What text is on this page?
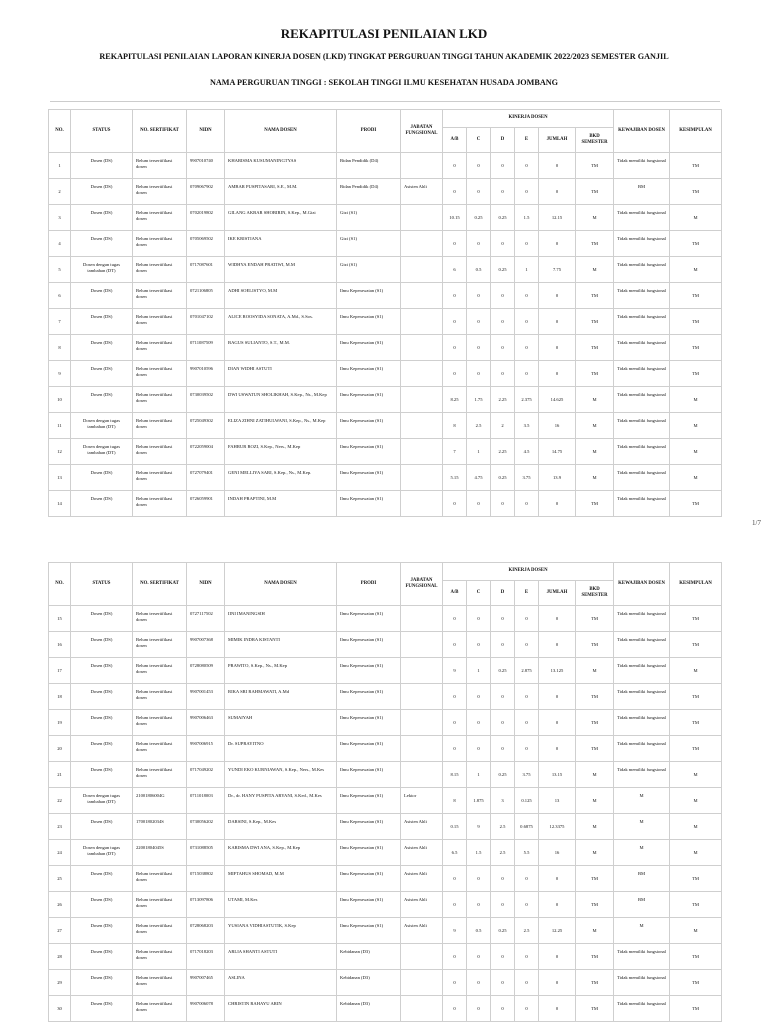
REKAPITULASI PENILAIAN LKD
REKAPITULASI PENILAIAN LAPORAN KINERJA DOSEN (LKD) TINGKAT PERGURUAN TINGGI TAHUN AKADEMIK 2022/2023 SEMESTER GANJIL
NAMA PERGURUAN TINGGI : SEKOLAH TINGGI ILMU KESEHATAN HUSADA JOMBANG
NO.	STATUS	NO. SERTIFIKAT	NIDN	NAMA DOSEN	PRODI	JABATAN FUNGSIONAL	KINERJA DOSEN						KEWAJIBAN DOSEN	KESIMPULAN
							A/B	C	D	E	JUMLAH	BKD SEMESTER		
1	Dosen (DS)	Belum tersertifikasi dosen	9907010740	KHARISMA KUSUMANINGTYAS	Bidan Pendidik (D4)		0	0	0	0	0	TM	Tidak memiliki fungsional	TM
2	Dosen (DS)	Belum tersertifikasi dosen	0709067902	AMBAR PUSPITASARI, S.E., M.M.	Bidan Pendidik (D4)	Asisten Ahli	0	0	0	0	0	TM	BM	TM
3	Dosen (DS)	Belum tersertifikasi dosen	0702019802	GILANG AKBAR SHOBIRIN, S.Kep., M.Gizi	Gizi (S1)		10.15	0.25	0.25	1.5	12.15	M	Tidak memiliki fungsional	M
4	Dosen (DS)	Belum tersertifikasi dosen	0705069502	IKE KRISTIANA	Gizi (S1)		0	0	0	0	0	TM	Tidak memiliki fungsional	TM
5	Dosen dengan tugas tambahan (DT)	Belum tersertifikasi dosen	0717087601	WIDHYA ENDAH PRATIWI, M.M	Gizi (S1)		6	0.5	0.25	1	7.75	M	Tidak memiliki fungsional	M
6	Dosen (DS)	Belum tersertifikasi dosen	0721106805	ADHI SOELISTYO, M.M	Ilmu Keperawatan (S1)		0	0	0	0	0	TM	Tidak memiliki fungsional	TM
7	Dosen (DS)	Belum tersertifikasi dosen	0701047102	ALICE ROOSYIDA SONATA, A.Md., S.Sos.	Ilmu Keperawatan (S1)		0	0	0	0	0	TM	Tidak memiliki fungsional	TM
8	Dosen (DS)	Belum tersertifikasi dosen	0711087509	BAGUS SULIANTO, S.T., M.M.	Ilmu Keperawatan (S1)		0	0	0	0	0	TM	Tidak memiliki fungsional	TM
9	Dosen (DS)	Belum tersertifikasi dosen	9907010596	DIAN WIDHI ASTUTI	Ilmu Keperawatan (S1)		0	0	0	0	0	TM	Tidak memiliki fungsional	TM
10	Dosen (DS)	Belum tersertifikasi dosen	0730039502	DWI USWATUN SHOLIKHAH, S.Kep., Ns., M.Kep	Ilmu Keperawatan (S1)		8.25	1.75	2.25	2.375	14.625	M	Tidak memiliki fungsional	M
11	Dosen dengan tugas tambahan (DT)	Belum tersertifikasi dosen	0725049302	ELIZA ZIHNI ZATIHULWANI, S.Kep., Ns., M.Kep	Ilmu Keperawatan (S1)		8	2.5	2	3.5	16	M	Tidak memiliki fungsional	M
12	Dosen dengan tugas tambahan (DT)	Belum tersertifikasi dosen	0722059004	FAHRUR ROZI, S.Kep., Ners., M.Kep	Ilmu Keperawatan (S1)		7	1	2.25	4.5	14.75	M	Tidak memiliki fungsional	M
13	Dosen (DS)	Belum tersertifikasi dosen	0727079401	GENI MELLIYA SARI, S.Kep., Ns., M.Kep.	Ilmu Keperawatan (S1)		5.15	4.75	0.25	3.75	13.9	M	Tidak memiliki fungsional	M
14	Dosen (DS)	Belum tersertifikasi dosen	0726059901	INDAH PRAPTINI, M.M	Ilmu Keperawatan (S1)		0	0	0	0	0	TM	Tidak memiliki fungsional	TM
1/7
NO.	STATUS	NO. SERTIFIKAT	NIDN	NAMA DOSEN	PRODI	JABATAN FUNGSIONAL	KINERJA DOSEN						KEWAJIBAN DOSEN	KESIMPULAN
							A/B	C	D	E	JUMLAH	BKD SEMESTER		
15	Dosen (DS)	Belum tersertifikasi dosen	0727117502	IINI IMANINGSIH	Ilmu Keperawatan (S1)		0	0	0	0	0	TM	Tidak memiliki fungsional	TM
16	Dosen (DS)	Belum tersertifikasi dosen	9907007368	MIMIK INDRA KISTANTI	Ilmu Keperawatan (S1)		0	0	0	0	0	TM	Tidak memiliki fungsional	TM
17	Dosen (DS)	Belum tersertifikasi dosen	0728080509	PRAWITO, S.Kep., Ns., M.Kep	Ilmu Keperawatan (S1)		9	1	0.25	2.875	13.125	M	Tidak memiliki fungsional	M
18	Dosen (DS)	Belum tersertifikasi dosen	9907001453	RIKA SRI RAHMAWATI, A.Md	Ilmu Keperawatan (S1)		0	0	0	0	0	TM	Tidak memiliki fungsional	TM
19	Dosen (DS)	Belum tersertifikasi dosen	9907006463	SUMAIYAH	Ilmu Keperawatan (S1)		0	0	0	0	0	TM	Tidak memiliki fungsional	TM
20	Dosen (DS)	Belum tersertifikasi dosen	9907006915	Dr. SUPRAYITNO	Ilmu Keperawatan (S1)		0	0	0	0	0	TM	Tidak memiliki fungsional	TM
21	Dosen (DS)	Belum tersertifikasi dosen	0717049202	YUNDI EKO KURNIAWAN, S.Kep., Ners., M.Kes	Ilmu Keperawatan (S1)		8.15	1	0.25	3.75	13.15	M	Tidak memiliki fungsional	M
22	Dosen dengan tugas tambahan (DT)	21001806004G	0711018003	Dr., dr. HANY PUSPITA ARYANI, S.Ked., M.Kes	Ilmu Keperawatan (S1)	Lektor	8	1.875	3	0.125	13	M	M	M
23	Dosen (DS)	17001802034S	0730056202	DARSINI, S.Kep., M.Kes	Ilmu Keperawatan (S1)	Asisten Ahli	0.15	9	2.5	0.6875	12.3375	M	M	M
24	Dosen dengan tugas tambahan (DT)	22001804045S	0731088505	KARISMA DWI ANA, S.Kep., M.Kep	Ilmu Keperawatan (S1)	Asisten Ahli	6.5	1.5	2.5	5.5	16	M	M	M
25	Dosen (DS)	Belum tersertifikasi dosen	0715038802	MIFTAHUS SHOMAD, M.M	Ilmu Keperawatan (S1)	Asisten Ahli	0	0	0	0	0	TM	BM	TM
26	Dosen (DS)	Belum tersertifikasi dosen	0713097806	UTAMI, M.Kes	Ilmu Keperawatan (S1)	Asisten Ahli	0	0	0	0	0	TM	BM	TM
27	Dosen (DS)	Belum tersertifikasi dosen	0728068203	YUSIANA VIDHIASTUTIK, S.Kep	Ilmu Keperawatan (S1)	Asisten Ahli	9	0.5	0.25	2.5	12.25	M	M	M
28	Dosen (DS)	Belum tersertifikasi dosen	0717018203	ARLIA SHANTI ASTUTI	Kebidanan (D3)		0	0	0	0	0	TM	Tidak memiliki fungsional	TM
29	Dosen (DS)	Belum tersertifikasi dosen	9907007465	ASLINA	Kebidanan (D3)		0	0	0	0	0	TM	Tidak memiliki fungsional	TM
30	Dosen (DS)	Belum tersertifikasi dosen	9907006078	CHRISTIN RAHAYU ARIN	Kebidanan (D3)		0	0	0	0	0	TM	Tidak memiliki fungsional	TM
